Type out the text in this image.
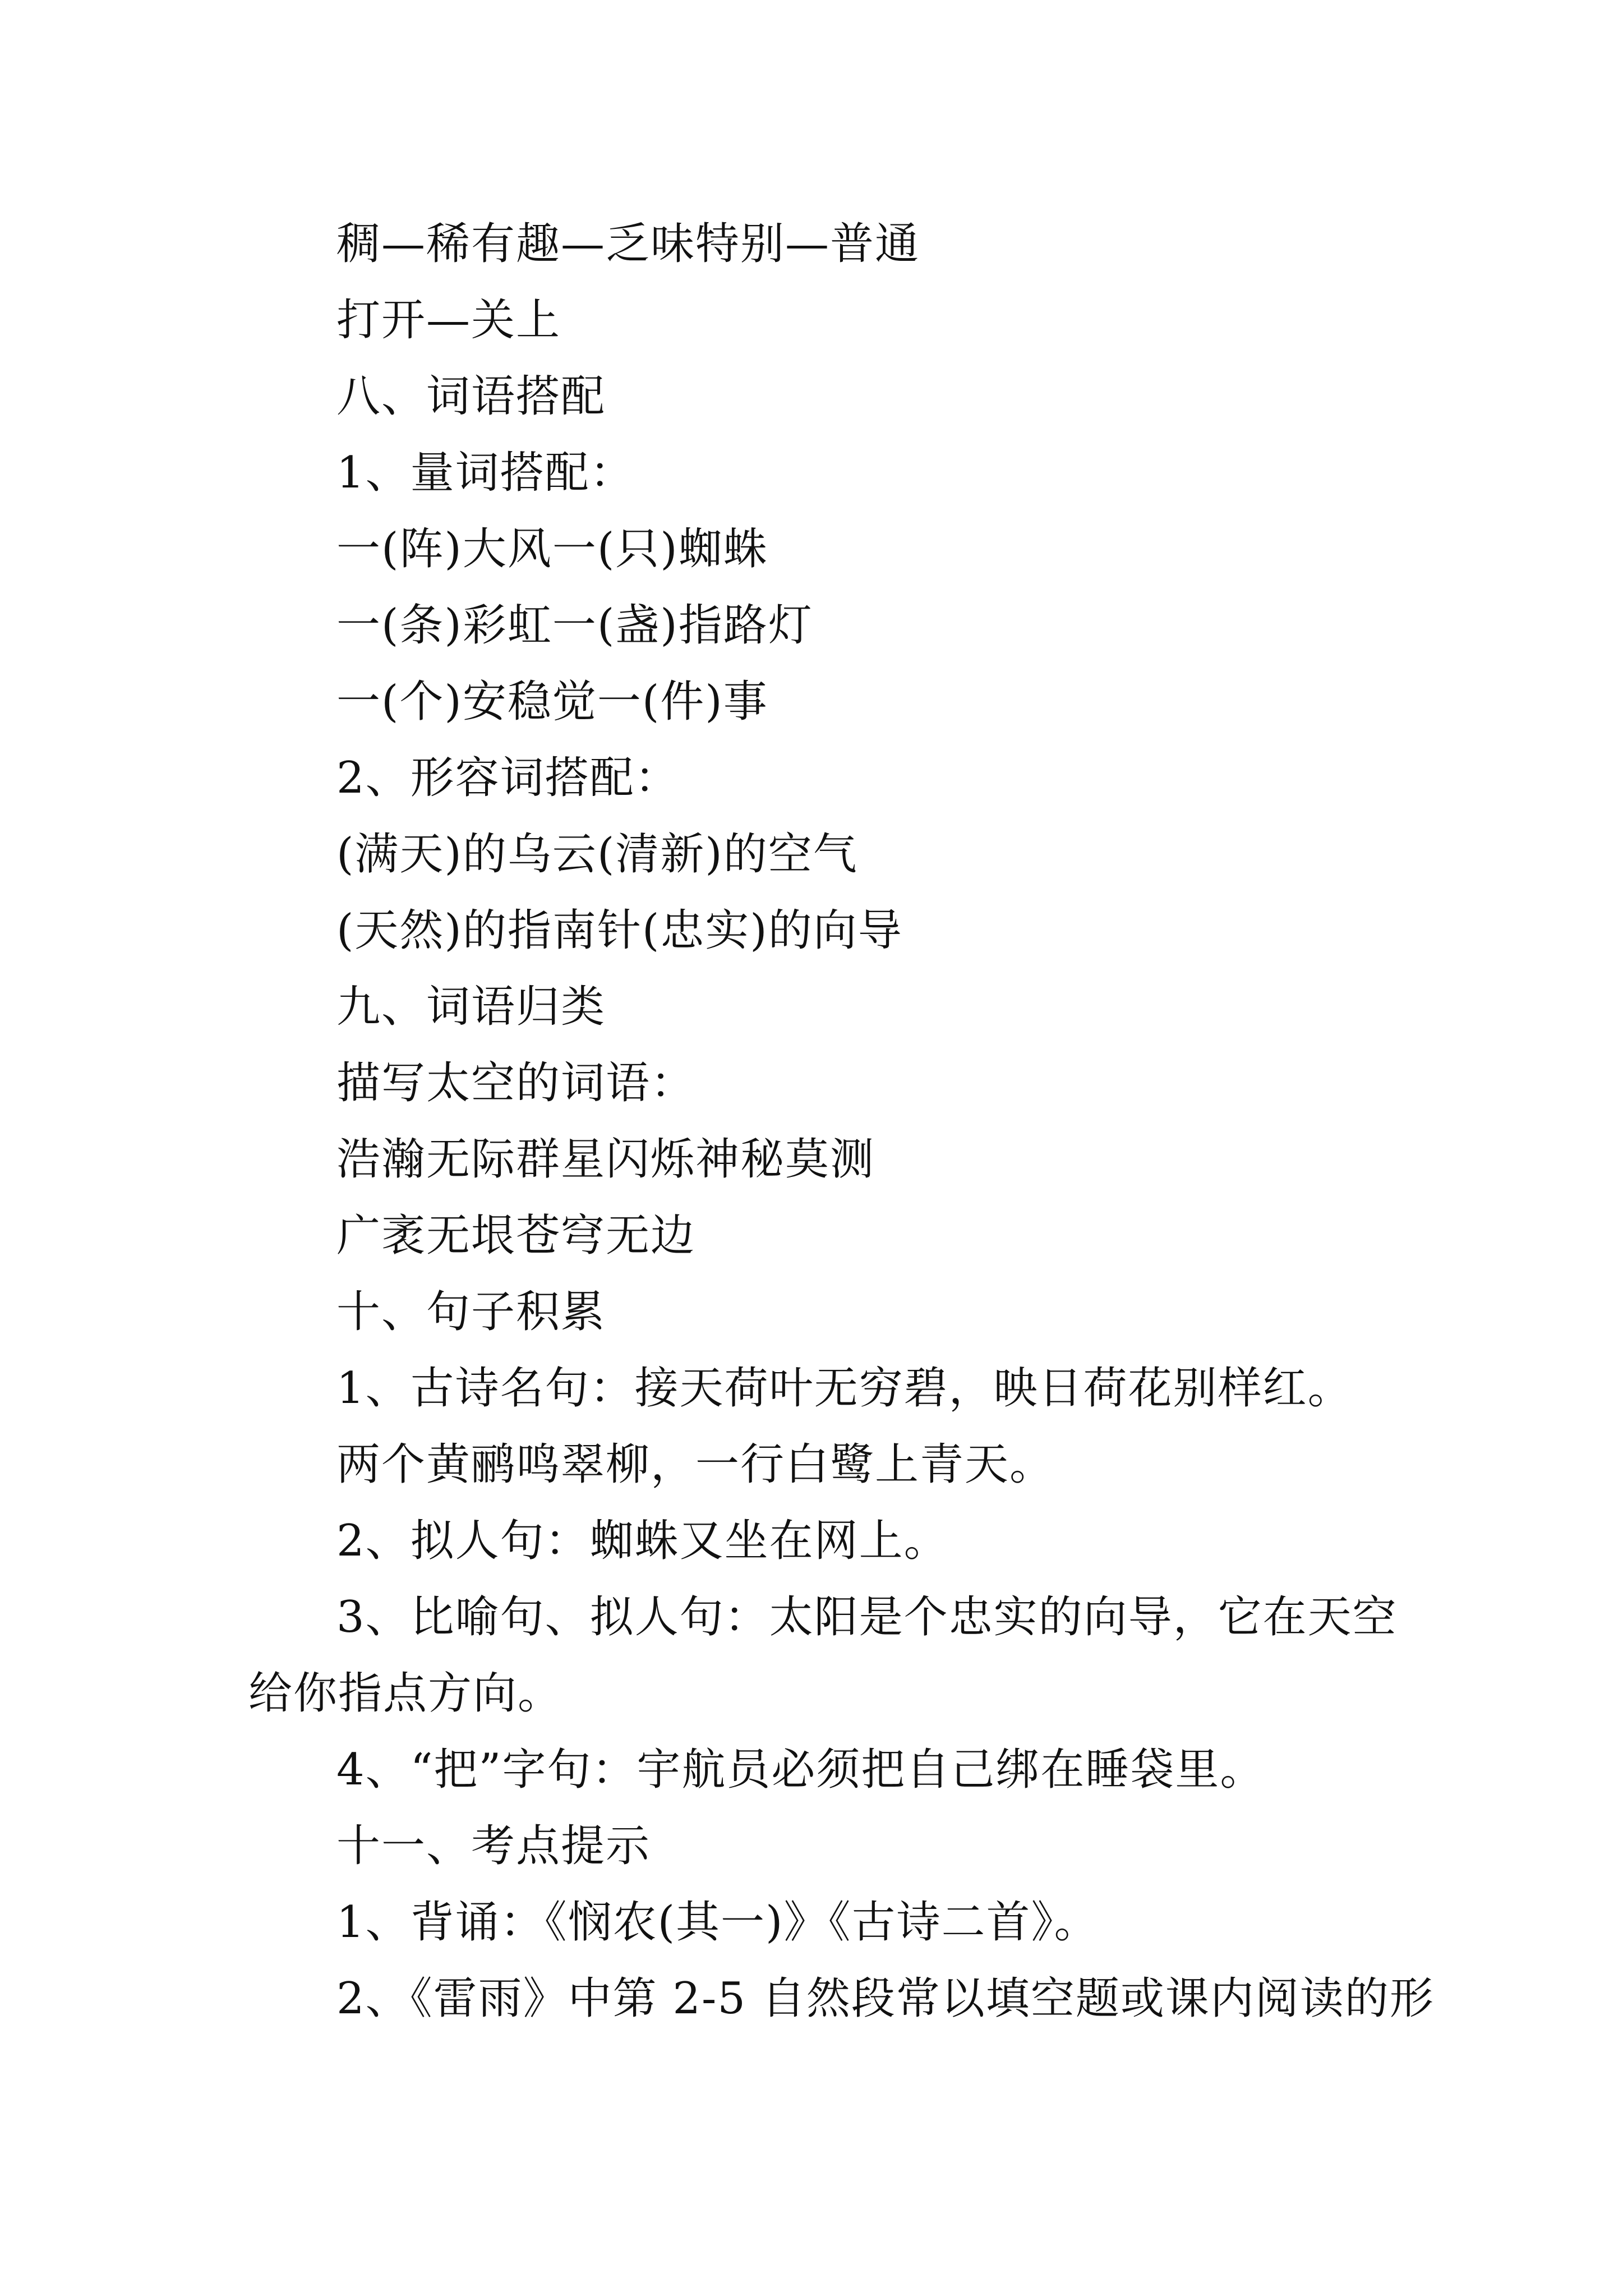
稠—稀有趣—乏味特别—普通
打开—关上
八、词语搭配
1、量词搭配：
一(阵)大风一(只)蜘蛛
一(条)彩虹一(盏)指路灯
一(个)安稳觉一(件)事
2、形容词搭配：
(满天)的乌云(清新)的空气
(天然)的指南针(忠实)的向导
九、词语归类
描写太空的词语：
浩瀚无际群星闪烁神秘莫测
广袤无垠苍穹无边
十、句子积累
1、古诗名句：接天荷叶无穷碧，映日荷花别样红。
两个黄鹂鸣翠柳，一行白鹭上青天。
2、拟人句：蜘蛛又坐在网上。
3、比喻句、拟人句：太阳是个忠实的向导，它在天空
给你指点方向。
4、“把”字句：宇航员必须把自己绑在睡袋里。
十一、考点提示
1、背诵：《悯农(其一)》《古诗二首》。
2、《雷雨》中第 2-5 自然段常以填空题或课内阅读的形
